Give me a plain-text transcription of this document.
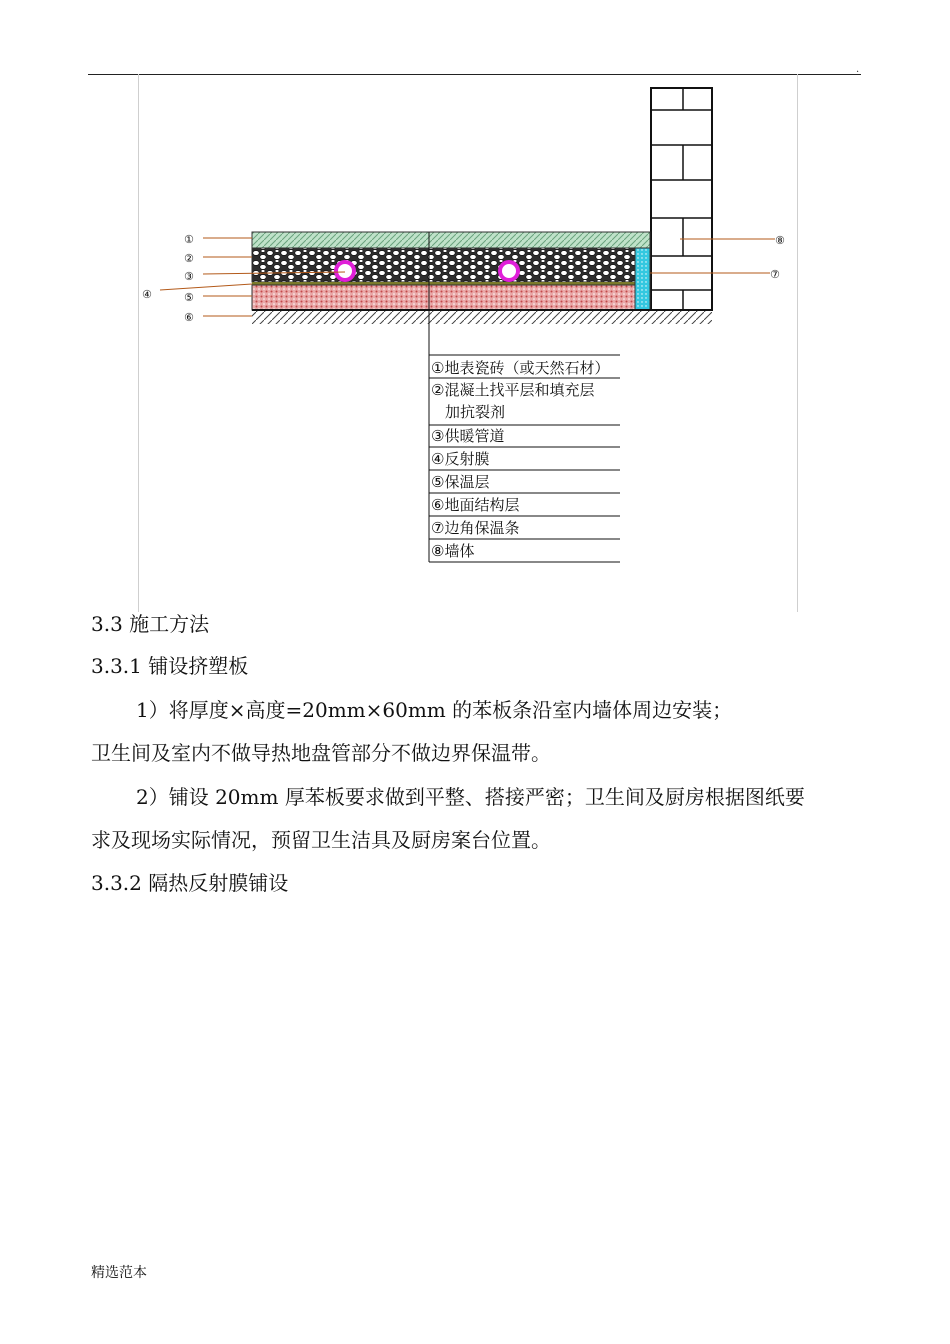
.
①
②
③
④	⑤
⑥
⑦
⑧
①地表瓷砖（或天然石材）
②混凝土找平层和填充层
加抗裂剂
③供暖管道
④反射膜
⑤保温层
⑥地面结构层
⑦边角保温条
⑧墙体
3.3 施工方法
3.3.1 铺设挤塑板
1）将厚度×高度=20mm×60mm 的苯板条沿室内墙体周边安装；
卫生间及室内不做导热地盘管部分不做边界保温带。
2）铺设 20mm 厚苯板要求做到平整、搭接严密；卫生间及厨房根据图纸要
求及现场实际情况，预留卫生洁具及厨房案台位置。
3.3.2 隔热反射膜铺设
精选范本
